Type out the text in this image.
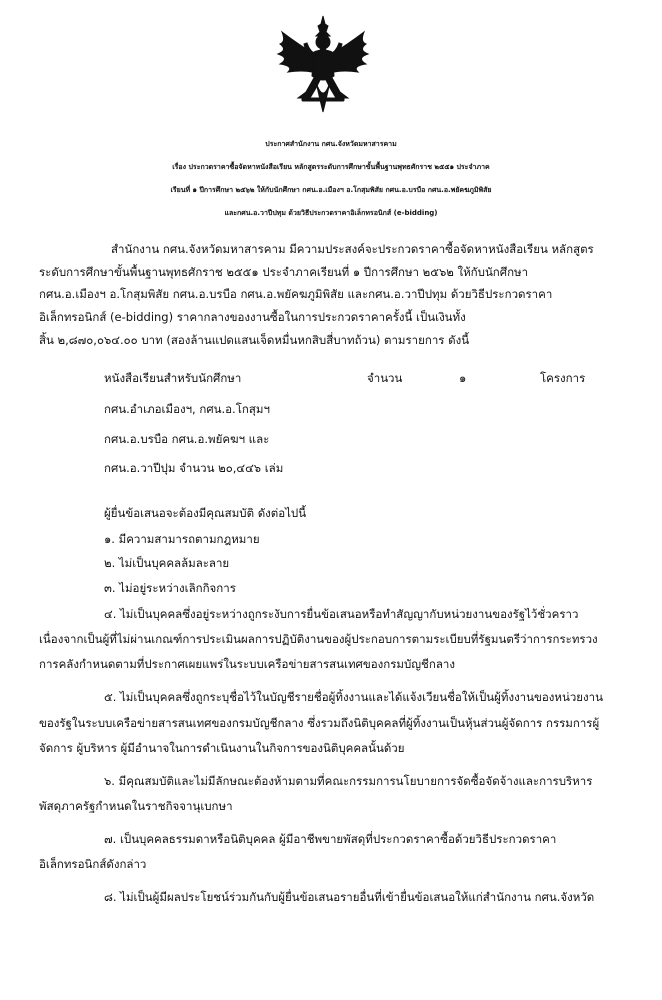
ประกาศสำนักงาน กศน.จังหวัดมหาสารคาม
เรื่อง ประกวดราคาซื้อจัดหาหนังสือเรียน หลักสูตรระดับการศึกษาขั้นพื้นฐานพุทธศักราช ๒๕๕๑ ประจำภาค
เรียนที่ ๑ ปีการศึกษา ๒๕๖๒ ให้กับนักศึกษา กศน.อ.เมืองฯ อ.โกสุมพิสัย กศน.อ.บรบือ กศน.อ.พยัคฆภูมิพิสัย
และกศน.อ.วาปีปทุม ด้วยวิธีประกวดราคาอิเล็กทรอนิกส์ (e-bidding)
สำนักงาน กศน.จังหวัดมหาสารคาม มีความประสงค์จะประกวดราคาซื้อจัดหาหนังสือเรียน หลักสูตร
ระดับการศึกษาขั้นพื้นฐานพุทธศักราช ๒๕๕๑ ประจำภาคเรียนที่ ๑ ปีการศึกษา ๒๕๖๒ ให้กับนักศึกษา
กศน.อ.เมืองฯ อ.โกสุมพิสัย กศน.อ.บรบือ กศน.อ.พยัคฆภูมิพิสัย และกศน.อ.วาปีปทุม ด้วยวิธีประกวดราคา
อิเล็กทรอนิกส์ (e-bidding) ราคากลางของงานซื้อในการประกวดราคาครั้งนี้ เป็นเงินทั้ง
สิ้น ๒,๘๗๐,๐๖๔.๐๐ บาท (สองล้านแปดแสนเจ็ดหมื่นหกสิบสี่บาทถ้วน) ตามรายการ ดังนี้
หนังสือเรียนสำหรับนักศึกษา	จำนวน	๑	โครงการ
กศน.อำเภอเมืองฯ, กศน.อ.โกสุมฯ
กศน.อ.บรบือ กศน.อ.พยัคฆฯ และ
กศน.อ.วาปีปุม จำนวน ๒๐,๔๔๖ เล่ม
ผู้ยื่นข้อเสนอจะต้องมีคุณสมบัติ ดังต่อไปนี้
๑. มีความสามารถตามกฎหมาย
๒. ไม่เป็นบุคคลล้มละลาย
๓. ไม่อยู่ระหว่างเลิกกิจการ
๔. ไม่เป็นบุคคลซึ่งอยู่ระหว่างถูกระงับการยื่นข้อเสนอหรือทำสัญญากับหน่วยงานของรัฐไว้ชั่วคราว
เนื่องจากเป็นผู้ที่ไม่ผ่านเกณฑ์การประเมินผลการปฏิบัติงานของผู้ประกอบการตามระเบียบที่รัฐมนตรีว่าการกระทรวง
การคลังกำหนดตามที่ประกาศเผยแพร่ในระบบเครือข่ายสารสนเทศของกรมบัญชีกลาง
๕. ไม่เป็นบุคคลซึ่งถูกระบุชื่อไว้ในบัญชีรายชื่อผู้ทิ้งงานและได้แจ้งเวียนชื่อให้เป็นผู้ทิ้งงานของหน่วยงาน
ของรัฐในระบบเครือข่ายสารสนเทศของกรมบัญชีกลาง ซึ่งรวมถึงนิติบุคคลที่ผู้ทิ้งงานเป็นหุ้นส่วนผู้จัดการ กรรมการผู้
จัดการ ผู้บริหาร ผู้มีอำนาจในการดำเนินงานในกิจการของนิติบุคคลนั้นด้วย
๖. มีคุณสมบัติและไม่มีลักษณะต้องห้ามตามที่คณะกรรมการนโยบายการจัดซื้อจัดจ้างและการบริหาร
พัสดุภาครัฐกำหนดในราชกิจจานุเบกษา
๗. เป็นบุคคลธรรมดาหรือนิติบุคคล ผู้มีอาชีพขายพัสดุที่ประกวดราคาซื้อด้วยวิธีประกวดราคา
อิเล็กทรอนิกส์ดังกล่าว
๘. ไม่เป็นผู้มีผลประโยชน์ร่วมกันกับผู้ยื่นข้อเสนอรายอื่นที่เข้ายื่นข้อเสนอให้แก่สำนักงาน กศน.จังหวัด
